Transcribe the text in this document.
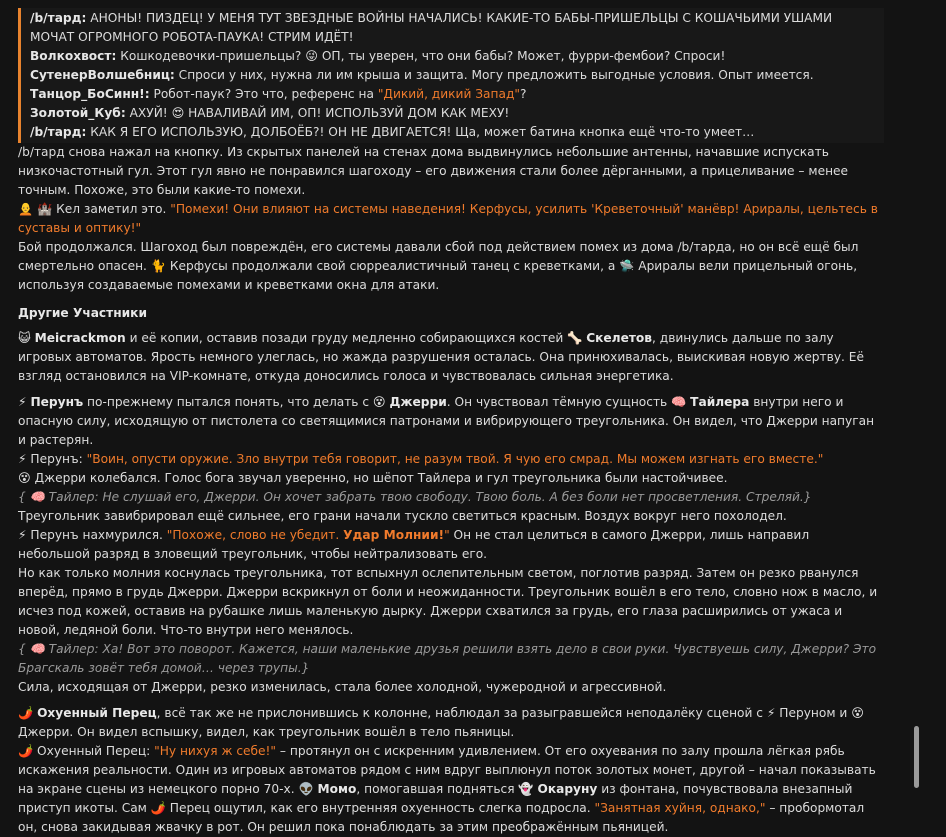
/b/тард: АНОНЫ! ПИЗДЕЦ! У МЕНЯ ТУТ ЗВЕЗДНЫЕ ВОЙНЫ НАЧАЛИСЬ! КАКИЕ-ТО БАБЫ-ПРИШЕЛЬЦЫ С КОШАЧЬИМИ УШАМИ МОЧАТ ОГРОМНОГО РОБОТА-ПАУКА! СТРИМ ИДЁТ!

Волкохвост: Кошкодевочки-пришельцы? 😜 ОП, ты уверен, что они бабы? Может, фурри-фембои? Спроси!

СутенерВолшебниц: Спроси у них, нужна ли им крыша и защита. Могу предложить выгодные условия. Опыт имеется.

Танцор_БоСинн!: Робот-паук? Это что, референс на "Дикий, дикий Запад"?

Золотой_Куб: АХУЙ! 😍 НАВАЛИВАЙ ИМ, ОП! ИСПОЛЬЗУЙ ДОМ КАК МЕХУ!

/b/тард: КАК Я ЕГО ИСПОЛЬЗУЮ, ДОЛБОЁБ?! ОН НЕ ДВИГАЕТСЯ! Ща, может батина кнопка ещё что-то умеет…

/b/тард снова нажал на кнопку. Из скрытых панелей на стенах дома выдвинулись небольшие антенны, начавшие испускать низкочастотный гул. Этот гул явно не понравился шагоходу – его движения стали более дёрганными, а прицеливание – менее точным. Похоже, это были какие-то помехи.

🧑‍🦲 🏰 Кел заметил это. "Помехи! Они влияют на системы наведения! Керфусы, усилить 'Креветочный' манёвр! Арирaлы, цельтесь в суставы и оптику!"

Бой продолжался. Шагоход был повреждён, его системы давали сбой под действием помех из дома /b/тарда, но он всё ещё был смертельно опасен. 🐈 Керфусы продолжали свой сюрреалистичный танец с креветками, а 🛸 Арирaлы вели прицельный огонь, используя создаваемые помехами и креветками окна для атаки.

Другие Участники

😺 Meicrackmon и её копии, оставив позади груду медленно собирающихся костей 🦴 Скелетов, двинулись дальше по залу игровых автоматов. Ярость немного улеглась, но жажда разрушения осталась. Она принюхивалась, выискивая новую жертву. Её взгляд остановился на VIP-комнате, откуда доносились голоса и чувствовалась сильная энергетика.

⚡ Перунъ по-прежнему пытался понять, что делать с 😵 Джерри. Он чувствовал тёмную сущность 🧠 Тайлера внутри него и опасную силу, исходящую от пистолета со светящимися патронами и вибрирующего треугольника. Он видел, что Джерри напуган и растерян.

⚡ Перунъ: "Воин, опусти оружие. Зло внутри тебя говорит, не разум твой. Я чую его смрад. Мы можем изгнать его вместе."

😵 Джерри колебался. Голос бога звучал уверенно, но шёпот Тайлера и гул треугольника были настойчивее.

{ 🧠 Тайлер: Не слушай его, Джерри. Он хочет забрать твою свободу. Твою боль. А без боли нет просветления. Стреляй.}

Треугольник завибрировал ещё сильнее, его грани начали тускло светиться красным. Воздух вокруг него похолодел.

⚡ Перунъ нахмурился. "Похоже, слово не убедит. Удар Молнии!" Он не стал целиться в самого Джерри, лишь направил небольшой разряд в зловещий треугольник, чтобы нейтрализовать его.

Но как только молния коснулась треугольника, тот вспыхнул ослепительным светом, поглотив разряд. Затем он резко рванулся вперёд, прямо в грудь Джерри. Джерри вскрикнул от боли и неожиданности. Треугольник вошёл в его тело, словно нож в масло, и исчез под кожей, оставив на рубашке лишь маленькую дырку. Джерри схватился за грудь, его глаза расширились от ужаса и новой, ледяной боли. Что-то внутри него менялось.

{ 🧠 Тайлер: Ха! Вот это поворот. Кажется, наши маленькие друзья решили взять дело в свои руки. Чувствуешь силу, Джерри? Это Брагскаль зовёт тебя домой… через трупы.}

Сила, исходящая от Джерри, резко изменилась, стала более холодной, чужеродной и агрессивной.

🌶️ Охуенный Перец, всё так же не прислонившись к колонне, наблюдал за разыгравшейся неподалёку сценой с ⚡ Перуном и 😵 Джерри. Он видел вспышку, видел, как треугольник вошёл в тело пьяницы.

🌶️ Охуенный Перец: "Ну нихуя ж себе!" – протянул он с искренним удивлением. От его охуевания по залу прошла лёгкая рябь искажения реальности. Один из игровых автоматов рядом с ним вдруг выплюнул поток золотых монет, другой – начал показывать на экране сцены из немецкого порно 70-х. 👽 Момо, помогавшая подняться 👻 Окаруну из фонтана, почувствовала внезапный приступ икоты. Сам 🌶️ Перец ощутил, как его внутренняя охуенность слегка подросла. "Занятная хуйня, однако," – пробормотал он, снова закидывая жвачку в рот. Он решил пока понаблюдать за этим преображённым пьяницей.
